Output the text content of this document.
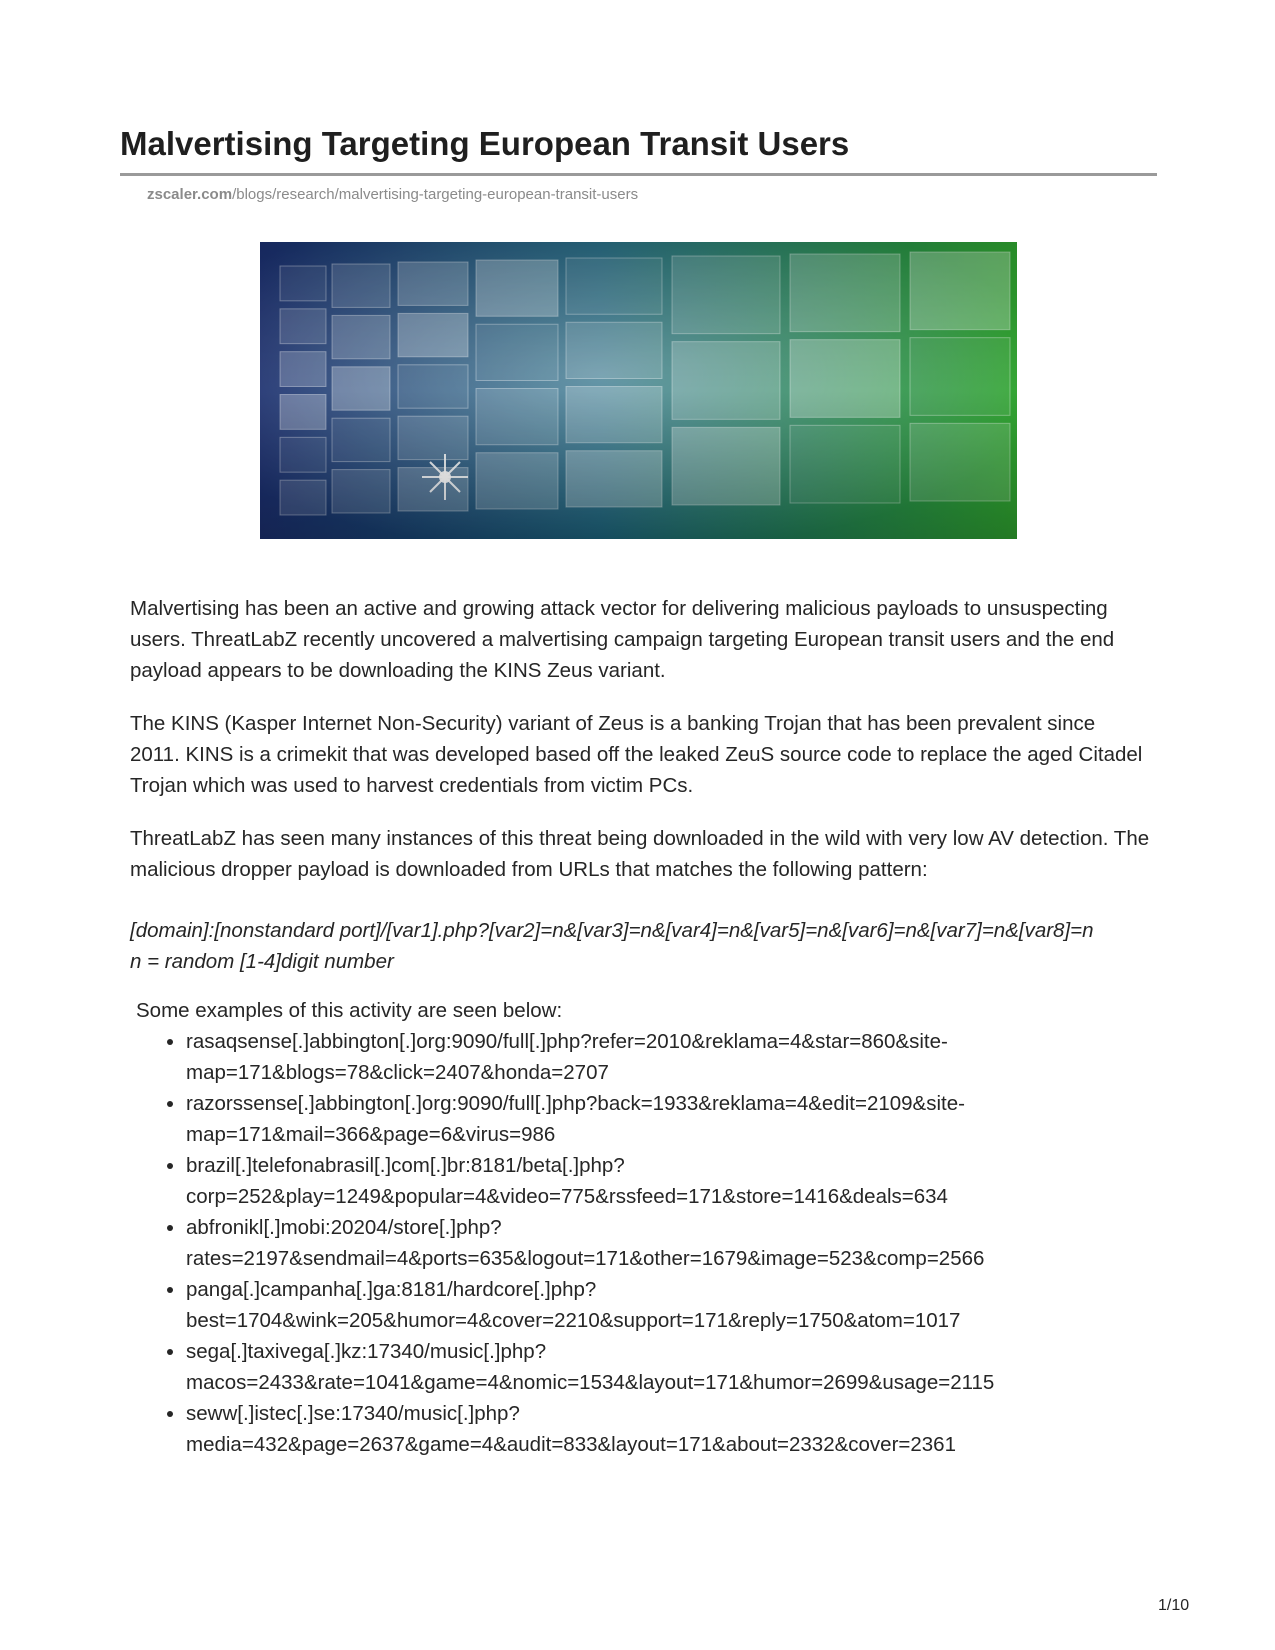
Malvertising Targeting European Transit Users
zscaler.com/blogs/research/malvertising-targeting-european-transit-users

Malvertising has been an active and growing attack vector for delivering malicious payloads to unsuspecting users. ThreatLabZ recently uncovered a malvertising campaign targeting European transit users and the end payload appears to be downloading the KINS Zeus variant.

The KINS (Kasper Internet Non-Security) variant of Zeus is a banking Trojan that has been prevalent since 2011. KINS is a crimekit that was developed based off the leaked ZeuS source code to replace the aged Citadel Trojan which was used to harvest credentials from victim PCs.

ThreatLabZ has seen many instances of this threat being downloaded in the wild with very low AV detection. The malicious dropper payload is downloaded from URLs that matches the following pattern:

[domain]:[nonstandard port]/[var1].php?[var2]=n&[var3]=n&[var4]=n&[var5]=n&[var6]=n&[var7]=n&[var8]=n
n = random [1-4]digit number
Some examples of this activity are seen below:
• rasaqsense[.]abbington[.]org:9090/full[.]php?refer=2010&reklama=4&star=860&site-
map=171&blogs=78&click=2407&honda=2707
• razorssense[.]abbington[.]org:9090/full[.]php?back=1933&reklama=4&edit=2109&site-
map=171&mail=366&page=6&virus=986
• brazil[.]telefonabrasil[.]com[.]br:8181/beta[.]php?
corp=252&play=1249&popular=4&video=775&rssfeed=171&store=1416&deals=634
• abfronikl[.]mobi:20204/store[.]php?
rates=2197&sendmail=4&ports=635&logout=171&other=1679&image=523&comp=2566
• panga[.]campanha[.]ga:8181/hardcore[.]php?
best=1704&wink=205&humor=4&cover=2210&support=171&reply=1750&atom=1017
• sega[.]taxivega[.]kz:17340/music[.]php?
macos=2433&rate=1041&game=4&nomic=1534&layout=171&humor=2699&usage=2115
• seww[.]istec[.]se:17340/music[.]php?
media=432&page=2637&game=4&audit=833&layout=171&about=2332&cover=2361
1/10
